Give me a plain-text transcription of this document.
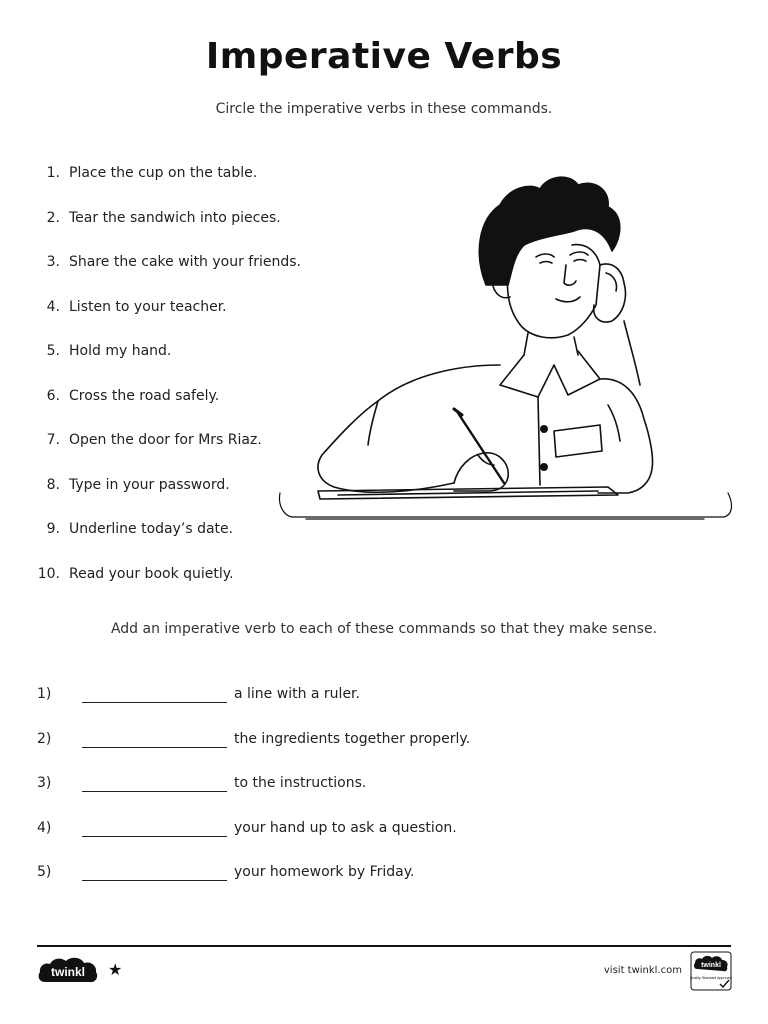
Imperative Verbs

Circle the imperative verbs in these commands.

1. Place the cup on the table.
2. Tear the sandwich into pieces.
3. Share the cake with your friends.
4. Listen to your teacher.
5. Hold my hand.
6. Cross the road safely.
7. Open the door for Mrs Riaz.
8. Type in your password.
9. Underline today’s date.
10. Read your book quietly.

Add an imperative verb to each of these commands so that they make sense.

1)	a line with a ruler.
2)	the ingredients together properly.
3)	to the instructions.
4)	your hand up to ask a question.
5)	your homework by Friday.
twinkl ★	visit twinkl.com	twinkl
Quality Standard Approved
